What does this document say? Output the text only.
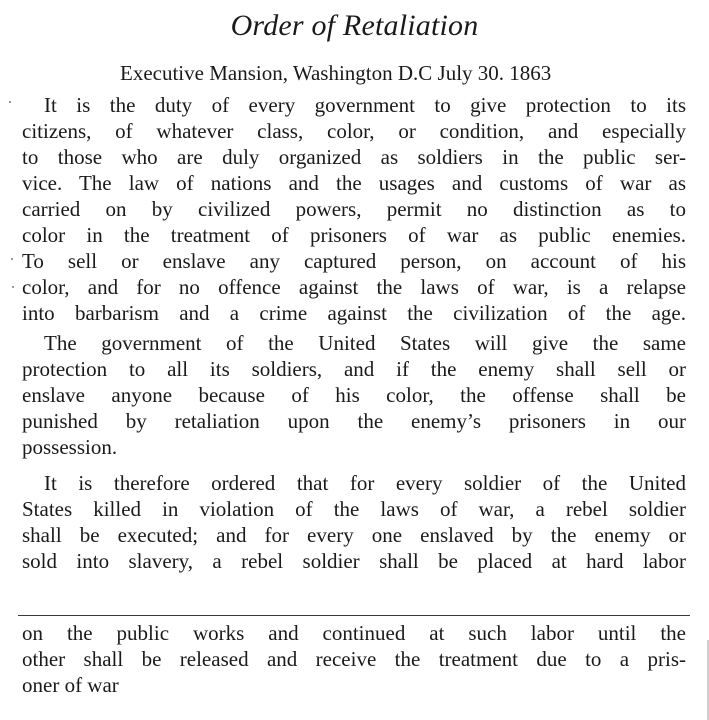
Order of Retaliation
Executive Mansion, Washington D.C July 30. 1863
It is the duty of every government to give protection to its
citizens, of whatever class, color, or condition, and especially
to those who are duly organized as soldiers in the public ser-
vice. The law of nations and the usages and customs of war as
carried on by civilized powers, permit no distinction as to
color in the treatment of prisoners of war as public enemies.
To sell or enslave any captured person, on account of his
color, and for no offence against the laws of war, is a relapse
into barbarism and a crime against the civilization of the age.
The government of the United States will give the same
protection to all its soldiers, and if the enemy shall sell or
enslave anyone because of his color, the offense shall be
punished by retaliation upon the enemy’s prisoners in our
possession.
It is therefore ordered that for every soldier of the United
States killed in violation of the laws of war, a rebel soldier
shall be executed; and for every one enslaved by the enemy or
sold into slavery, a rebel soldier shall be placed at hard labor
on the public works and continued at such labor until the
other shall be released and receive the treatment due to a pris-
oner of war
